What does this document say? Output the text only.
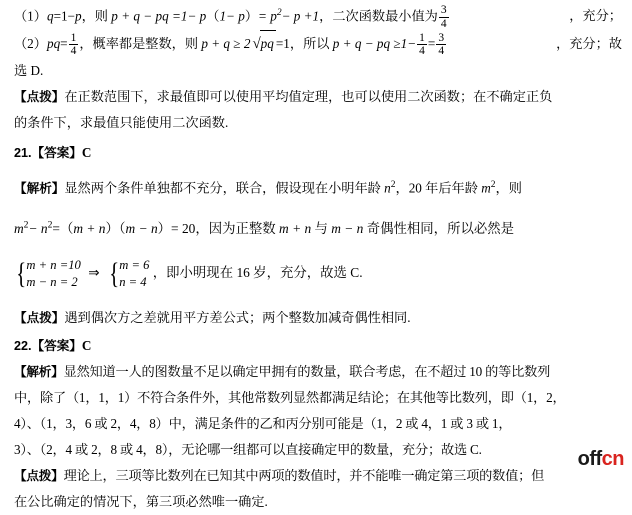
（1）q=1−p，则 p + q − pq $=1- p(1- p)= p^2- p +1$，二次函数最小值为 $\frac{3}{4}$	，充分；
$(2)pq= \frac{1}{4}$ ，概率都是整数，则 p + q ≥ 2 √pq =1，所以 p + q − pq $\ge 1- \frac{1}{4} = \frac{3}{4}$	，充分；故
选 D.
【点拨】在正数范围下，求最值即可以使用平均值定理，也可以使用二次函数；在不确定正负
的条件下，求最值只能使用二次函数.
21.【答案】C
【解析】显然两个条件单独都不充分，联合，假设现在小明年龄 $n^2$，20 年后年龄 $m^2$，则
$m^2- n^2=(m + n)(m - n)= 20$，因为正整数 m + n 与 m − n 奇偶性相同，所以必然是
{ m + n =10
m − n = 2
⇒ { m = 6
n = 4
，即小明现在 16 岁，充分，故选 C.
【点拨】遇到偶次方之差就用平方差公式；两个整数加减奇偶性相同.
22.【答案】C
【解析】显然知道一人的图数量不足以确定甲拥有的数量，联合考虑，在不超过 10 的等比数列
中，除了（1，1，1）不符合条件外，其他常数列显然都满足结论；在其他等比数列，即（1，2，
4）、（1，3，6 或 2，4，8）中，满足条件的乙和丙分别可能是（1，2 或 4，1 或 3 或 1，
3）、（2，4 或 2，8 或 4，8），无论哪一组都可以直接确定甲的数量，充分；故选 C.
【点拨】理论上，三项等比数列在已知其中两项的数值时，并不能唯一确定第三项的数值；但
在公比确定的情况下，第三项必然唯一确定.
offcn
